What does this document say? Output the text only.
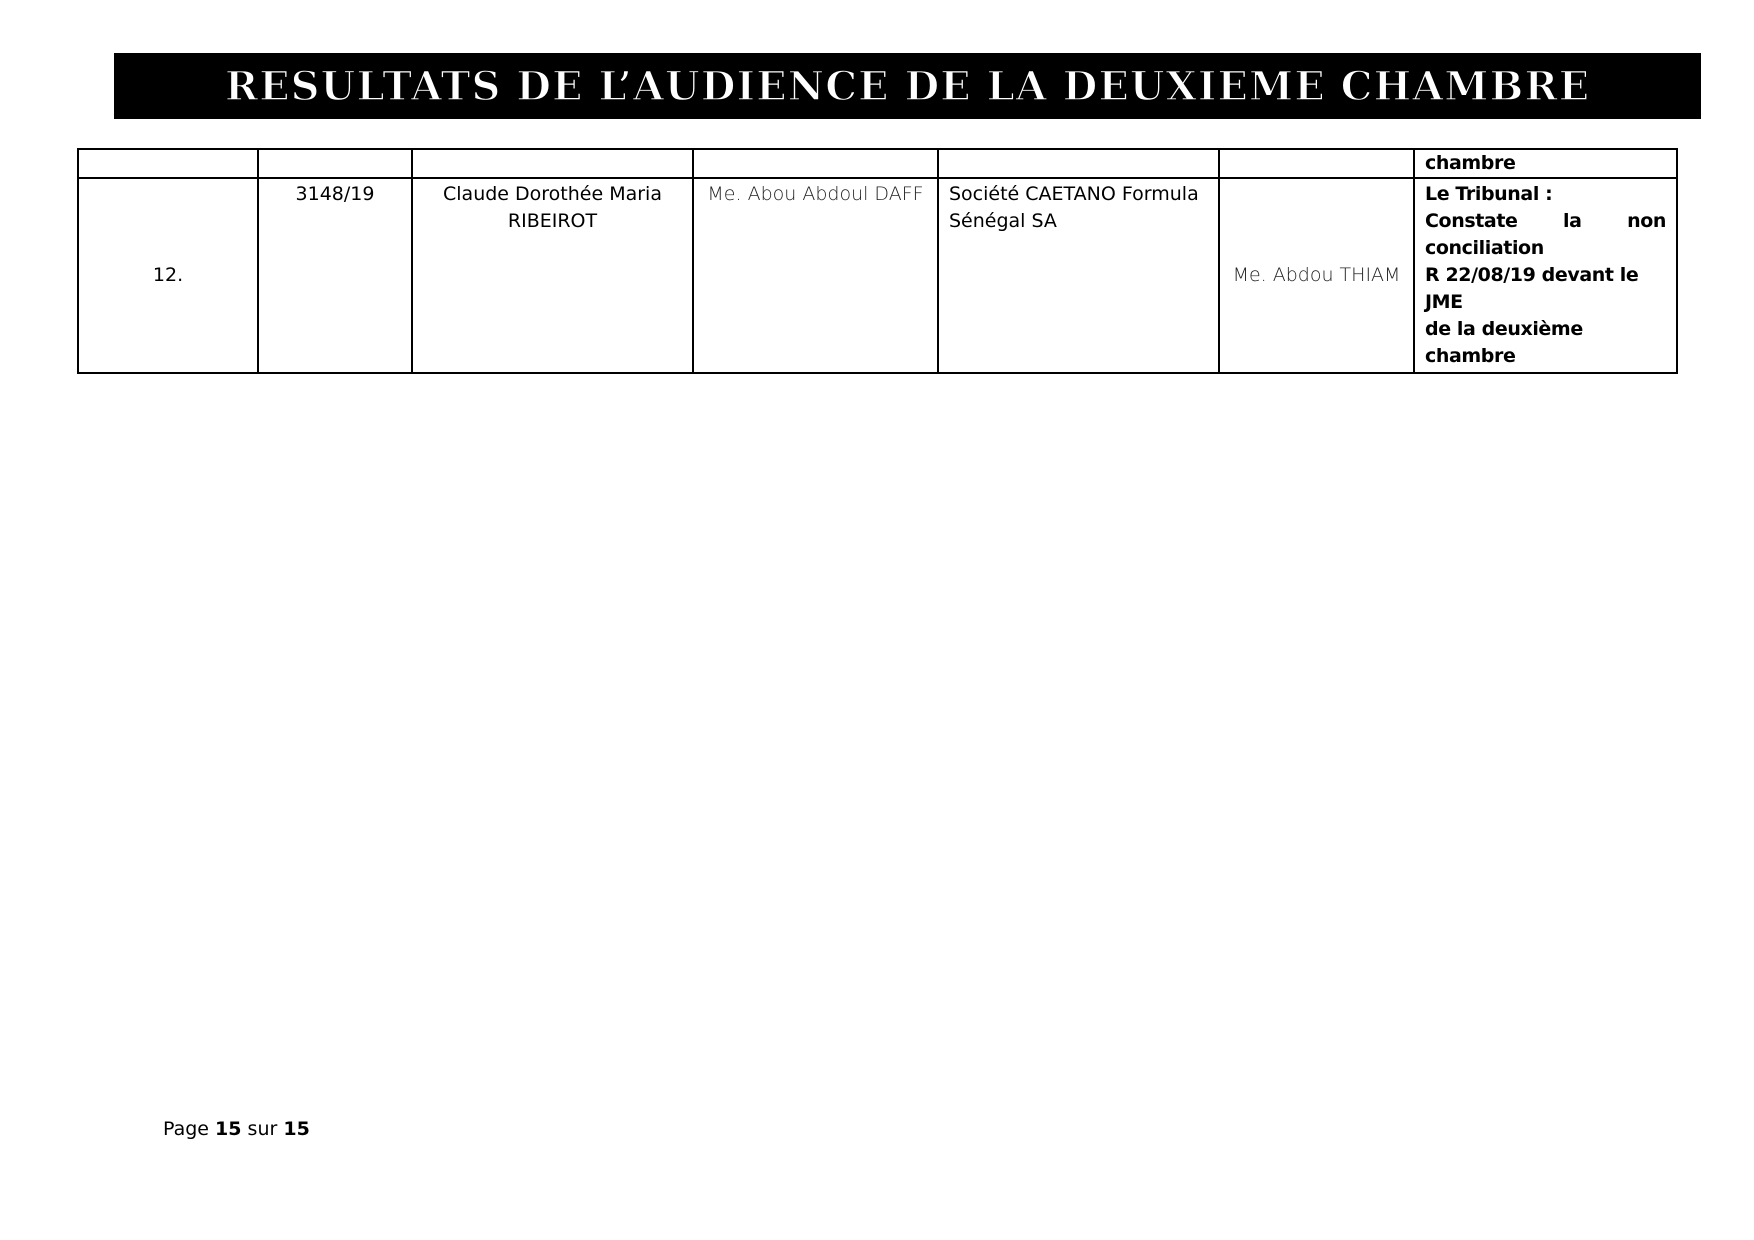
RESULTATS DE L’AUDIENCE DE LA DEUXIEME CHAMBRE

						chambre

12.	3148/19	Claude Dorothée Maria RIBEIROT	Me. Abou Abdoul DAFF	Société CAETANO Formula Sénégal SA	Me. Abdou THIAM	Le Tribunal :
Constate la non
conciliation
R 22/08/19 devant le JME
de la deuxième chambre
Page 15 sur 15
